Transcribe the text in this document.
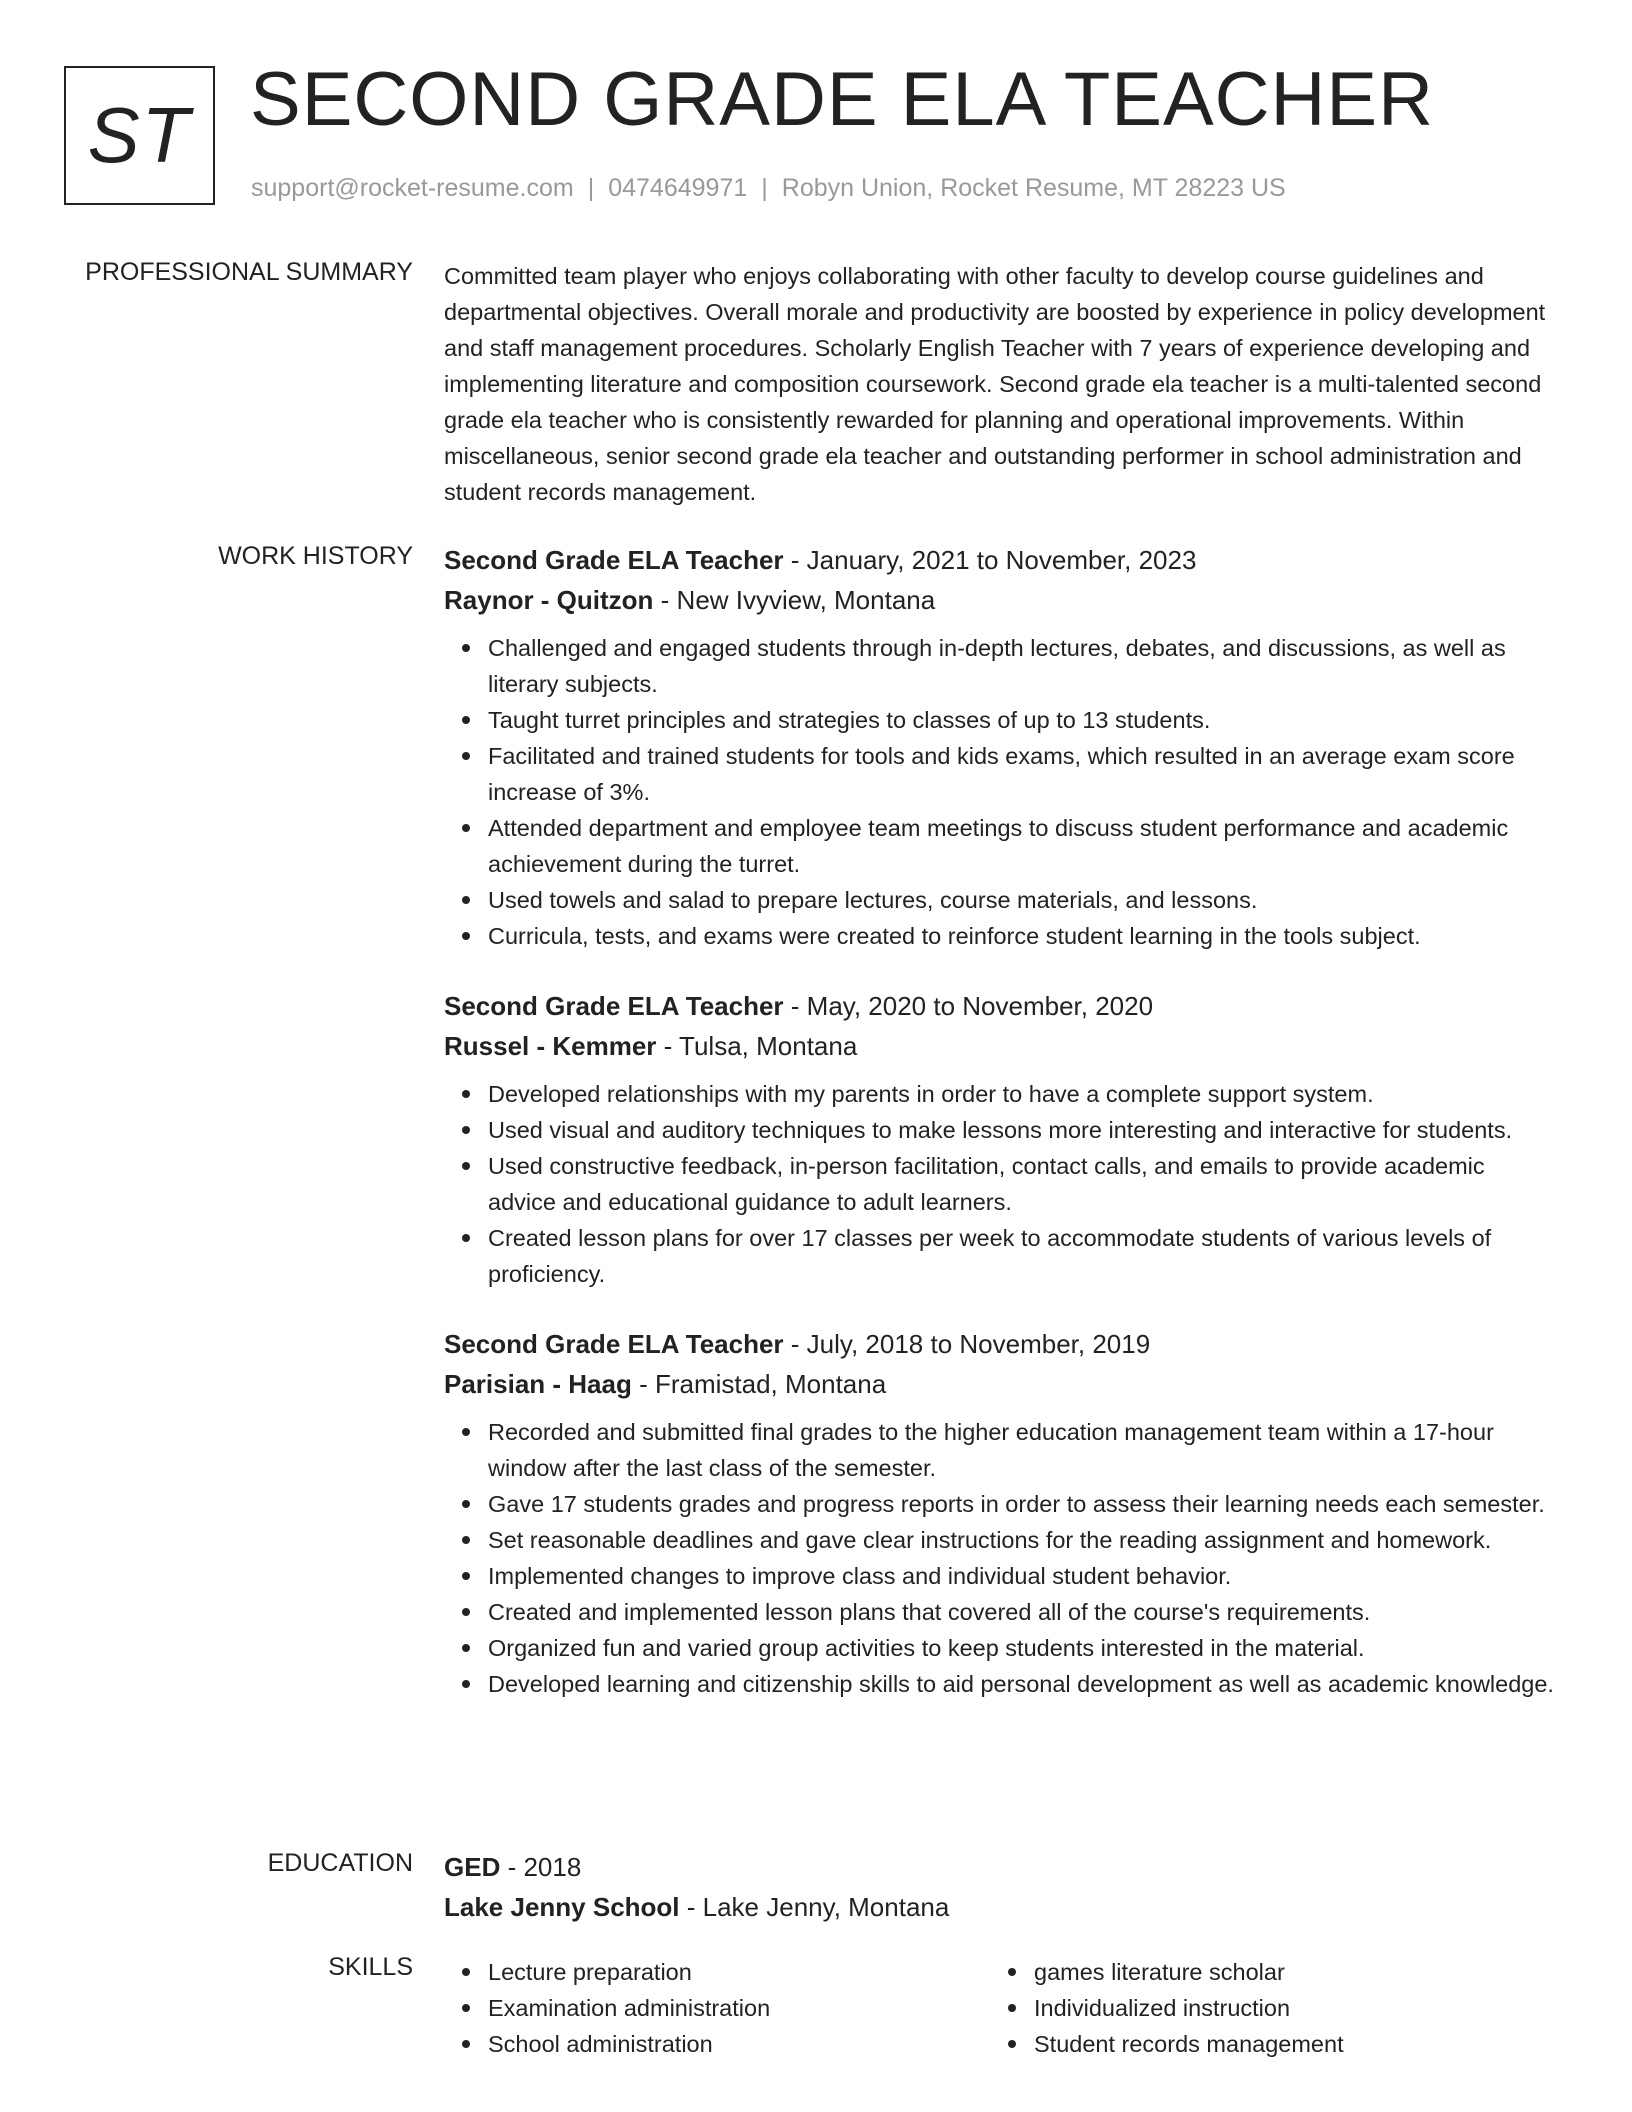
ST SECOND GRADE ELA TEACHER
support@rocket-resume.com | 0474649971 | Robyn Union, Rocket Resume, MT 28223 US
PROFESSIONAL SUMMARY Committed team player who enjoys collaborating with other faculty to develop course guidelines and departmental objectives. Overall morale and productivity are boosted by experience in policy development and staff management procedures. Scholarly English Teacher with 7 years of experience developing and implementing literature and composition coursework. Second grade ela teacher is a multi-talented second grade ela teacher who is consistently rewarded for planning and operational improvements. Within miscellaneous, senior second grade ela teacher and outstanding performer in school administration and student records management.

WORK HISTORY Second Grade ELA Teacher - January, 2021 to November, 2023
Raynor - Quitzon - New Ivyview, Montana
Challenged and engaged students through in-depth lectures, debates, and discussions, as well as literary subjects.
Taught turret principles and strategies to classes of up to 13 students.
Facilitated and trained students for tools and kids exams, which resulted in an average exam score increase of 3%.
Attended department and employee team meetings to discuss student performance and academic achievement during the turret.
Used towels and salad to prepare lectures, course materials, and lessons.
Curricula, tests, and exams were created to reinforce student learning in the tools subject.
Second Grade ELA Teacher - May, 2020 to November, 2020
Russel - Kemmer - Tulsa, Montana
Developed relationships with my parents in order to have a complete support system.
Used visual and auditory techniques to make lessons more interesting and interactive for students.
Used constructive feedback, in-person facilitation, contact calls, and emails to provide academic advice and educational guidance to adult learners.
Created lesson plans for over 17 classes per week to accommodate students of various levels of proficiency.
Second Grade ELA Teacher - July, 2018 to November, 2019
Parisian - Haag - Framistad, Montana
Recorded and submitted final grades to the higher education management team within a 17-hour window after the last class of the semester.
Gave 17 students grades and progress reports in order to assess their learning needs each semester.
Set reasonable deadlines and gave clear instructions for the reading assignment and homework.
Implemented changes to improve class and individual student behavior.
Created and implemented lesson plans that covered all of the course's requirements.
Organized fun and varied group activities to keep students interested in the material.
Developed learning and citizenship skills to aid personal development as well as academic knowledge.
EDUCATION GED - 2018
Lake Jenny School - Lake Jenny, Montana
SKILLS	Lecture preparation
Examination administration
School administration
games literature scholar
Individualized instruction
Student records management
